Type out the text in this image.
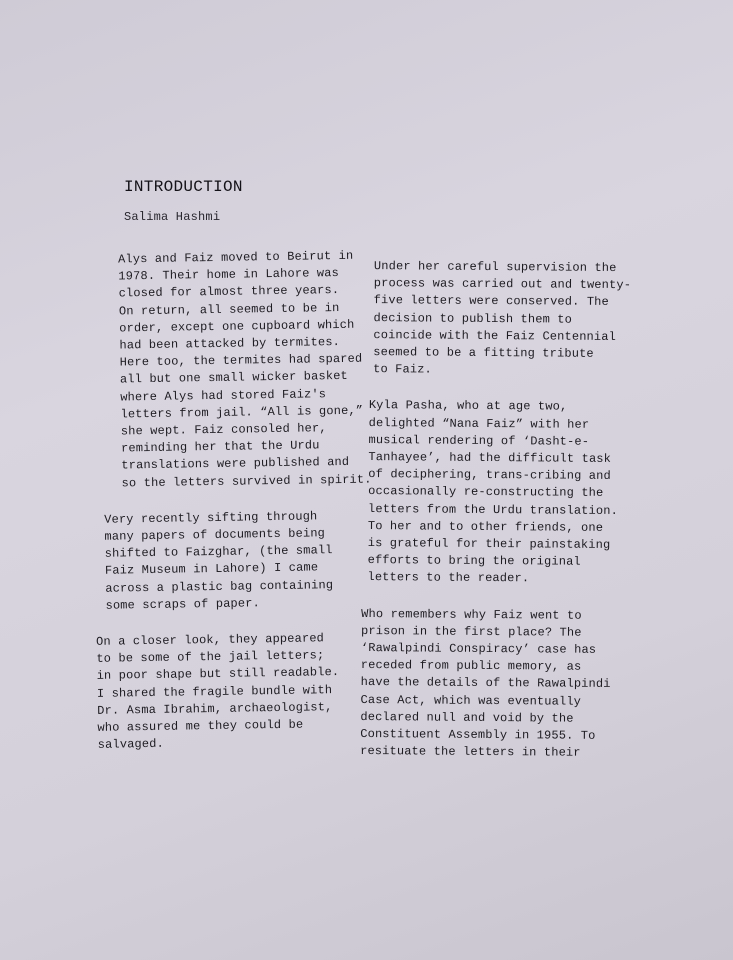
INTRODUCTION
Salima Hashmi
Alys and Faiz moved to Beirut in
1978. Their home in Lahore was
closed for almost three years.
On return, all seemed to be in
order, except one cupboard which
had been attacked by termites.
Here too, the termites had spared
all but one small wicker basket
where Alys had stored Faiz's
letters from jail. “All is gone,”
she wept. Faiz consoled her,
reminding her that the Urdu
translations were published and
so the letters survived in spirit.
Very recently sifting through
many papers of documents being
shifted to Faizghar, (the small
Faiz Museum in Lahore) I came
across a plastic bag containing
some scraps of paper.
On a closer look, they appeared
to be some of the jail letters;
in poor shape but still readable.
I shared the fragile bundle with
Dr. Asma Ibrahim, archaeologist,
who assured me they could be
salvaged.
Under her careful supervision the
process was carried out and twenty-
five letters were conserved. The
decision to publish them to
coincide with the Faiz Centennial
seemed to be a fitting tribute
to Faiz.
Kyla Pasha, who at age two,
delighted “Nana Faiz” with her
musical rendering of ‘Dasht-e-
Tanhayee’, had the difficult task
of deciphering, trans-cribing and
occasionally re-constructing the
letters from the Urdu translation.
To her and to other friends, one
is grateful for their painstaking
efforts to bring the original
letters to the reader.
Who remembers why Faiz went to
prison in the first place? The
‘Rawalpindi Conspiracy’ case has
receded from public memory, as
have the details of the Rawalpindi
Case Act, which was eventually
declared null and void by the
Constituent Assembly in 1955. To
resituate the letters in their
